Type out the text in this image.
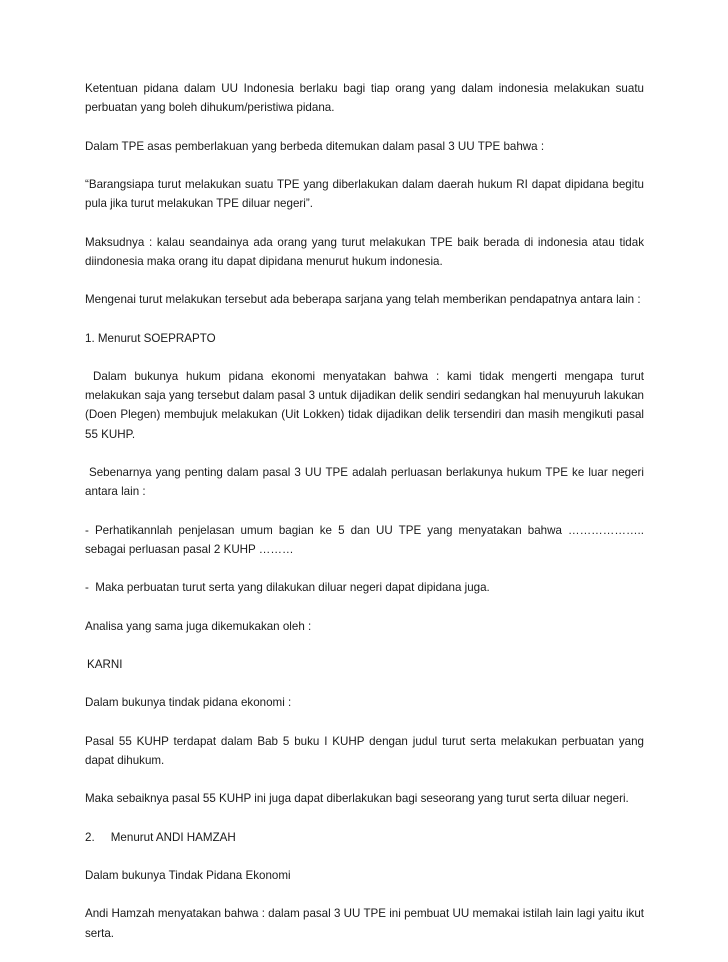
Ketentuan pidana dalam UU Indonesia berlaku bagi tiap orang yang dalam indonesia melakukan suatu perbuatan yang boleh dihukum/peristiwa pidana.

Dalam TPE asas pemberlakuan yang berbeda ditemukan dalam pasal 3 UU TPE bahwa :

“Barangsiapa turut melakukan suatu TPE yang diberlakukan dalam daerah hukum RI dapat dipidana begitu pula jika turut melakukan TPE diluar negeri”.

Maksudnya : kalau seandainya ada orang yang turut melakukan TPE baik berada di indonesia atau tidak diindonesia maka orang itu dapat dipidana menurut hukum indonesia.

Mengenai turut melakukan tersebut ada beberapa sarjana yang telah memberikan pendapatnya antara lain :

1. Menurut SOEPRAPTO

Dalam bukunya hukum pidana ekonomi menyatakan bahwa : kami tidak mengerti mengapa turut melakukan saja yang tersebut dalam pasal 3 untuk dijadikan delik sendiri sedangkan hal menuyuruh lakukan (Doen Plegen) membujuk melakukan (Uit Lokken) tidak dijadikan delik tersendiri dan masih mengikuti pasal 55 KUHP.

Sebenarnya yang penting dalam pasal 3 UU TPE adalah perluasan berlakunya hukum TPE ke luar negeri antara lain :

- Perhatikannlah penjelasan umum bagian ke 5 dan UU TPE yang menyatakan bahwa ……………….. sebagai perluasan pasal 2 KUHP ………

-  Maka perbuatan turut serta yang dilakukan diluar negeri dapat dipidana juga.

Analisa yang sama juga dikemukakan oleh :

KARNI

Dalam bukunya tindak pidana ekonomi :

Pasal 55 KUHP terdapat dalam Bab 5 buku I KUHP dengan judul turut serta melakukan perbuatan yang dapat dihukum.

Maka sebaiknya pasal 55 KUHP ini juga dapat diberlakukan bagi seseorang yang turut serta diluar negeri.

2.     Menurut ANDI HAMZAH

Dalam bukunya Tindak Pidana Ekonomi

Andi Hamzah menyatakan bahwa : dalam pasal 3 UU TPE ini pembuat UU memakai istilah lain lagi yaitu ikut serta.
